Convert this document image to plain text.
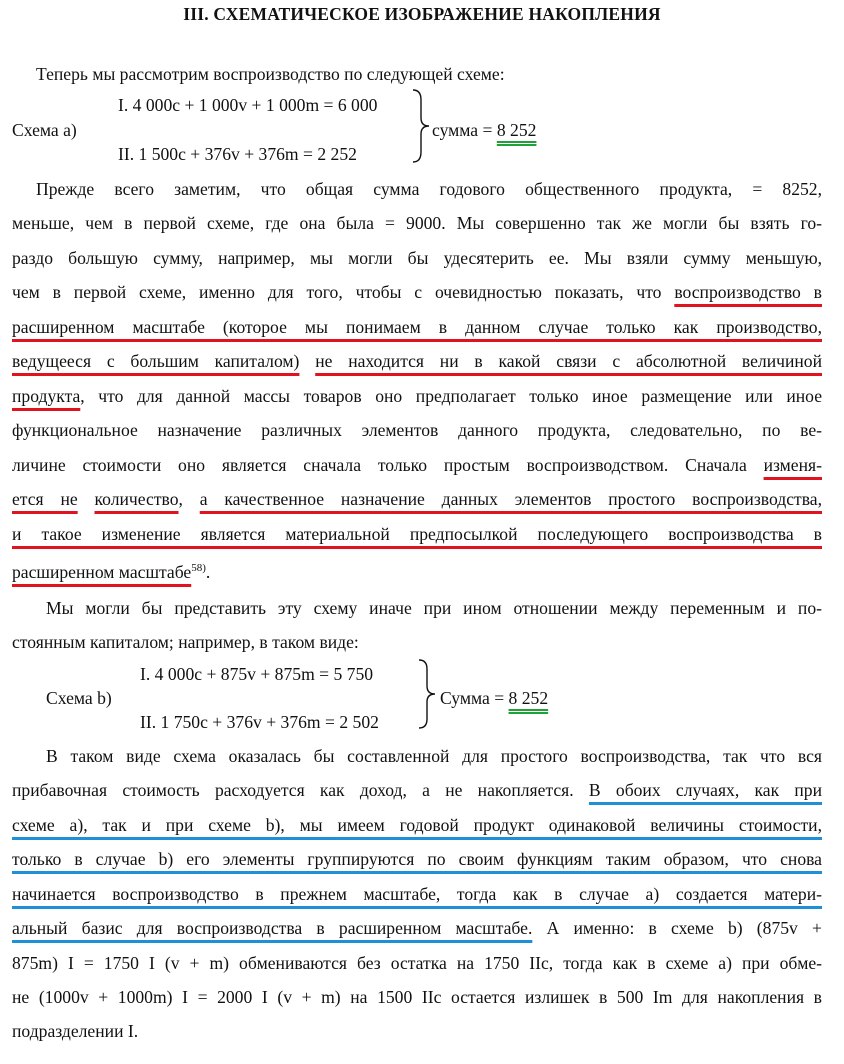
III. СХЕМАТИЧЕСКОЕ ИЗОБРАЖЕНИЕ НАКОПЛЕНИЯ
Теперь мы рассмотрим воспроизводство по следующей схеме:
Схема а)
I. 4 000c + 1 000v + 1 000m = 6 000
II. 1 500c + 376v + 376m = 2 252
сумма = 8 252
Прежде всего заметим, что общая сумма годового общественного продукта, = 8252,
меньше, чем в первой схеме, где она была = 9000. Мы совершенно так же могли бы взять го-
раздо большую сумму, например, мы могли бы удесятерить ее. Мы взяли сумму меньшую,
чем в первой схеме, именно для того, чтобы с очевидностью показать, что воспроизводство в
расширенном масштабе (которое мы понимаем в данном случае только как производство,
ведущееся с большим капиталом) не находится ни в какой связи с абсолютной величиной
продукта, что для данной массы товаров оно предполагает только иное размещение или иное
функциональное назначение различных элементов данного продукта, следовательно, по ве-
личине стоимости оно является сначала только простым воспроизводством. Сначала изменя-
ется не количество, а качественное назначение данных элементов простого воспроизводства,
и такое изменение является материальной предпосылкой последующего воспроизводства в
расширенном масштабе$^{58)}$.
Мы могли бы представить эту схему иначе при ином отношении между переменным и по-
стоянным капиталом; например, в таком виде:
Схема b)
I. 4 000c + 875v + 875m = 5 750
II. 1 750c + 376v + 376m = 2 502
Сумма = 8 252
В таком виде схема оказалась бы составленной для простого воспроизводства, так что вся
прибавочная стоимость расходуется как доход, а не накопляется. В обоих случаях, как при
схеме а), так и при схеме b), мы имеем годовой продукт одинаковой величины стоимости,
только в случае b) его элементы группируются по своим функциям таким образом, что снова
начинается воспроизводство в прежнем масштабе, тогда как в случае а) создается матери-
альный базис для воспроизводства в расширенном масштабе. А именно: в схеме b) (875v +
875m) I = 1750 I (v + m) обмениваются без остатка на 1750 IIc, тогда как в схеме а) при обме-
не (1000v + 1000m) I = 2000 I (v + m) на 1500 IIc остается излишек в 500 Im для накопления в
подразделении I.
